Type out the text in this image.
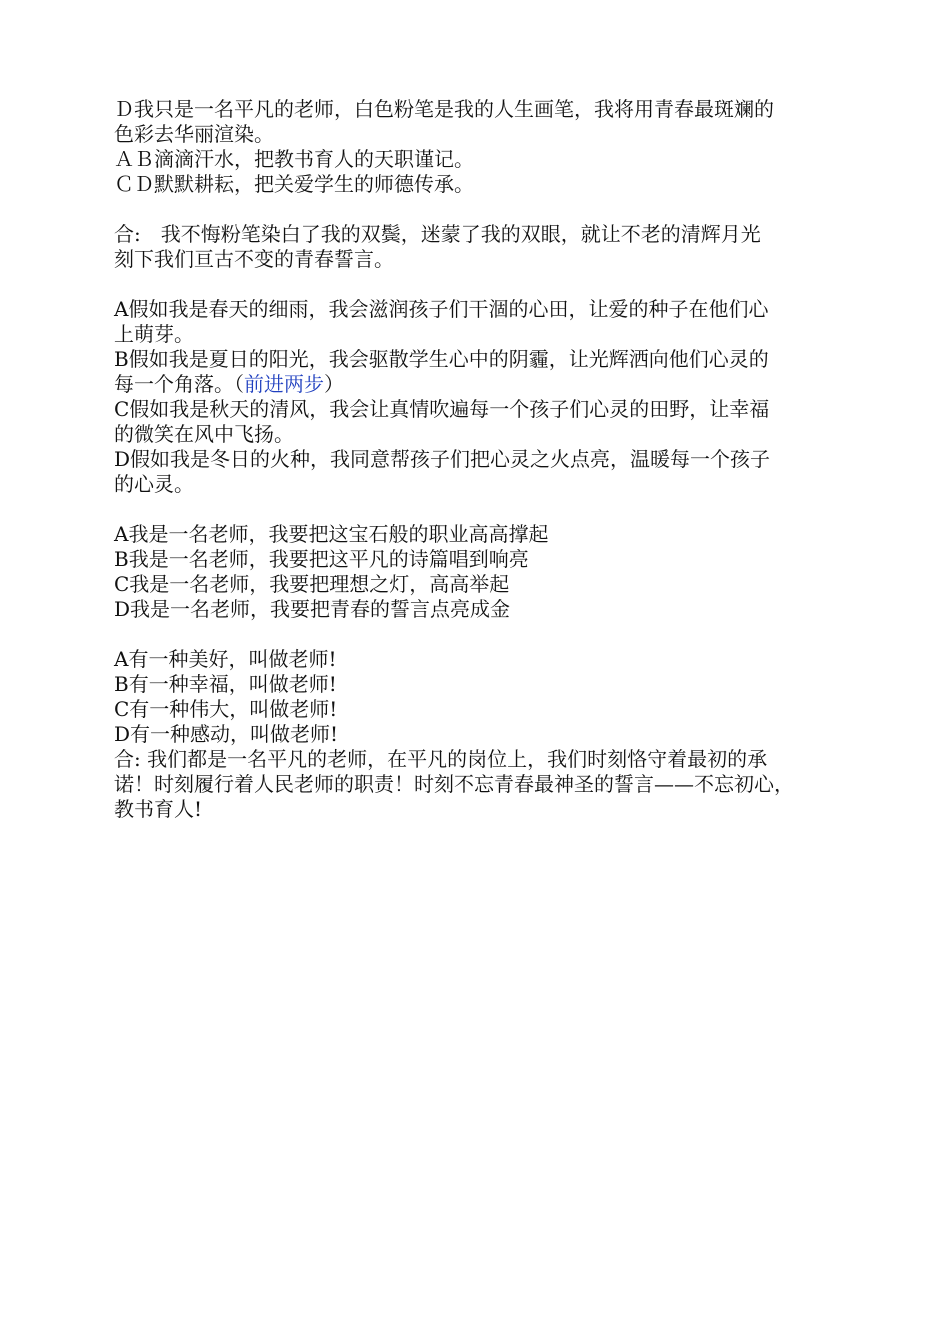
Ｄ我只是一名平凡的老师，白色粉笔是我的人生画笔，我将用青春最斑斓的
色彩去华丽渲染。
ＡＢ滴滴汗水，把教书育人的天职谨记。
ＣＤ默默耕耘，把关爱学生的师德传承。
合:　我不悔粉笔染白了我的双鬓，迷蒙了我的双眼，就让不老的清辉月光
刻下我们亘古不变的青春誓言。
A假如我是春天的细雨，我会滋润孩子们干涸的心田，让爱的种子在他们心
上萌芽。
B假如我是夏日的阳光，我会驱散学生心中的阴霾，让光辉洒向他们心灵的
每一个角落。（前进两步）
C假如我是秋天的清风，我会让真情吹遍每一个孩子们心灵的田野，让幸福
的微笑在风中飞扬。
D假如我是冬日的火种，我同意帮孩子们把心灵之火点亮，温暖每一个孩子
的心灵。
A我是一名老师，我要把这宝石般的职业高高撑起
B我是一名老师，我要把这平凡的诗篇唱到响亮
C我是一名老师，我要把理想之灯，高高举起
D我是一名老师，我要把青春的誓言点亮成金
A有一种美好，叫做老师!
B有一种幸福，叫做老师!
C有一种伟大，叫做老师!
D有一种感动，叫做老师!
合: 我们都是一名平凡的老师，在平凡的岗位上，我们时刻恪守着最初的承
诺！时刻履行着人民老师的职责！时刻不忘青春最神圣的誓言——不忘初心，
教书育人!
